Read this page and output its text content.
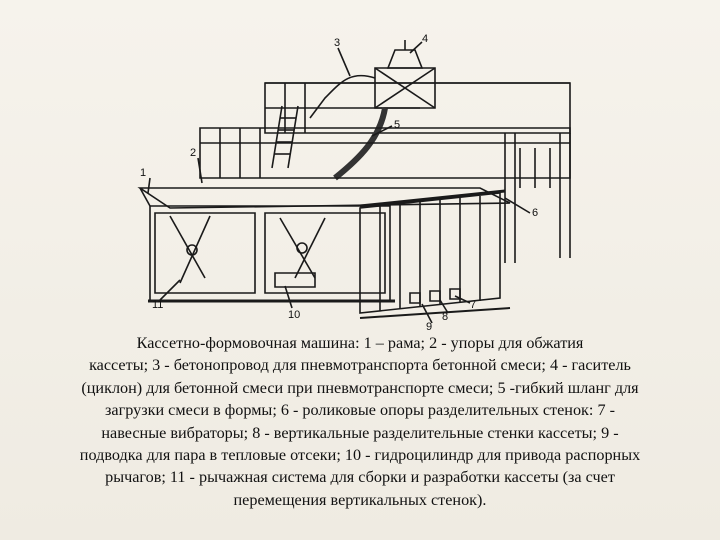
1
2
3	4
5
6
7
8
9
10
11
Кассетно-формовочная машина: 1 – рама; 2 - упоры для обжатия
кассеты; 3 - бетонопровод для пневмотранспорта бетонной смеси; 4 - гаситель
(циклон) для бетонной смеси при пневмотранспорте смеси; 5 -гибкий шланг для
загрузки смеси в формы; 6 - роликовые опоры разделительных стенок: 7 -
навесные вибраторы; 8 - вертикальные разделительные стенки кассеты; 9 -
подводка для пара в тепловые отсеки; 10 - гидроцилиндр для привода распорных
рычагов; 11 - рычажная система для сборки и разработки кассеты (за счет
перемещения вертикальных стенок).
